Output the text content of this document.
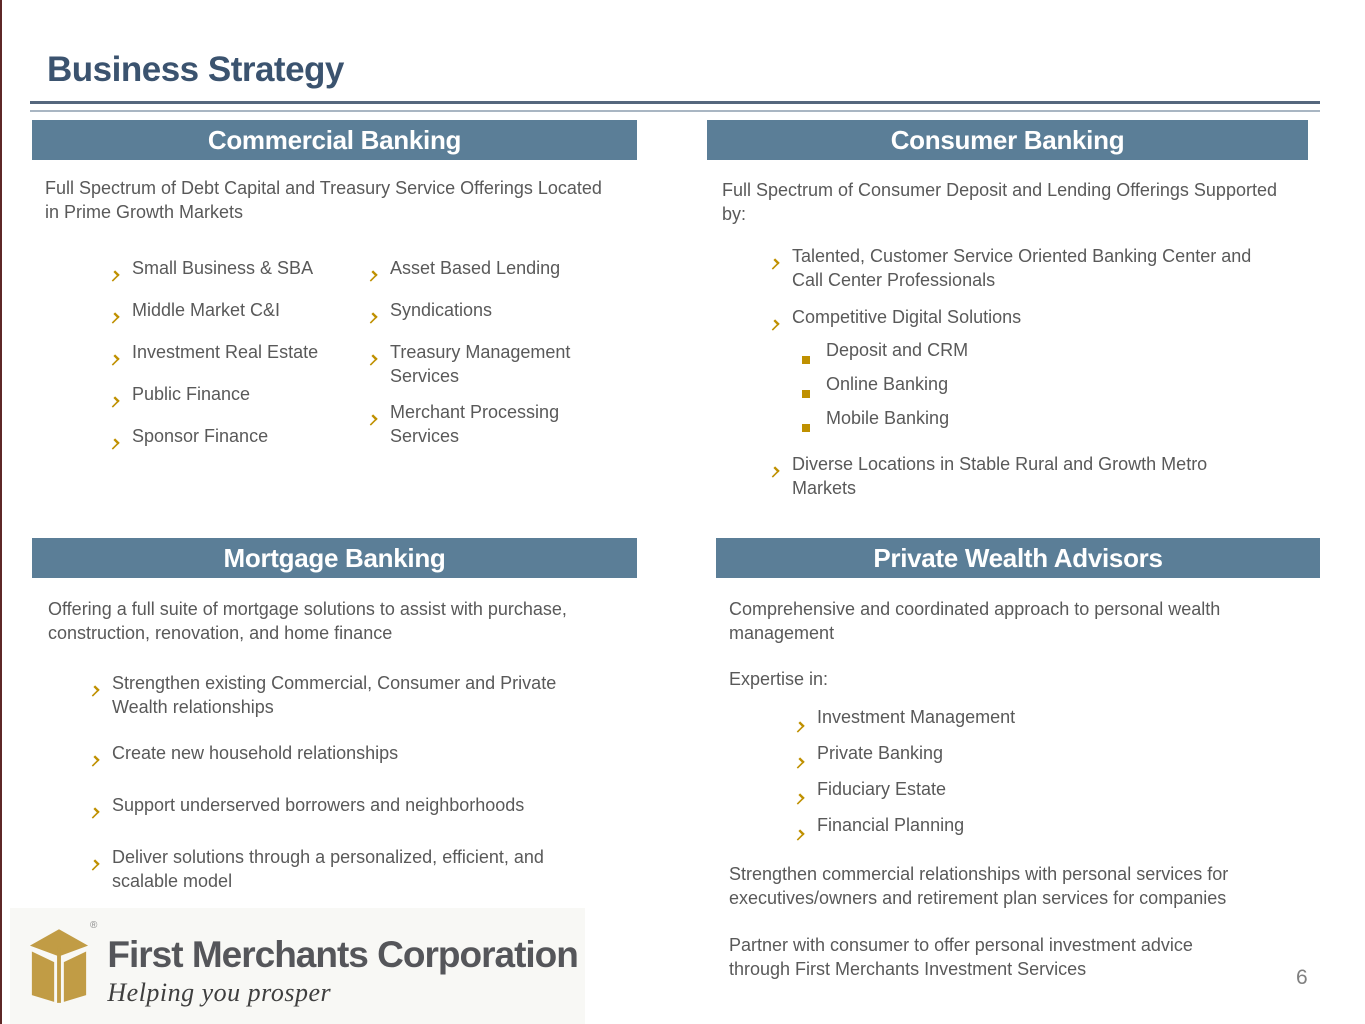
Business Strategy
Commercial Banking

Full Spectrum of Debt Capital and Treasury Service Offerings Located in Prime Growth Markets

Small Business & SBA
Middle Market C&I
Investment Real Estate
Public Finance
Sponsor Finance
Asset Based Lending
Syndications
Treasury Management Services
Merchant Processing Services
Consumer Banking

Full Spectrum of Consumer Deposit and Lending Offerings Supported by:

Talented, Customer Service Oriented Banking Center and Call Center Professionals
Competitive Digital Solutions
Deposit and CRM
Online Banking
Mobile Banking
Diverse Locations in Stable Rural and Growth Metro Markets
Mortgage Banking

Offering a full suite of mortgage solutions to assist with purchase, construction, renovation, and home finance

Strengthen existing Commercial, Consumer and Private Wealth relationships
Create new household relationships
Support underserved borrowers and neighborhoods
Deliver solutions through a personalized, efficient, and scalable model
Private Wealth Advisors

Comprehensive and coordinated approach to personal wealth management

Expertise in:

Investment Management
Private Banking
Fiduciary Estate
Financial Planning

Strengthen commercial relationships with personal services for executives/owners and retirement plan services for companies

Partner with consumer to offer personal investment advice through First Merchants Investment Services

®
First Merchants Corporation
Helping you prosper
6
